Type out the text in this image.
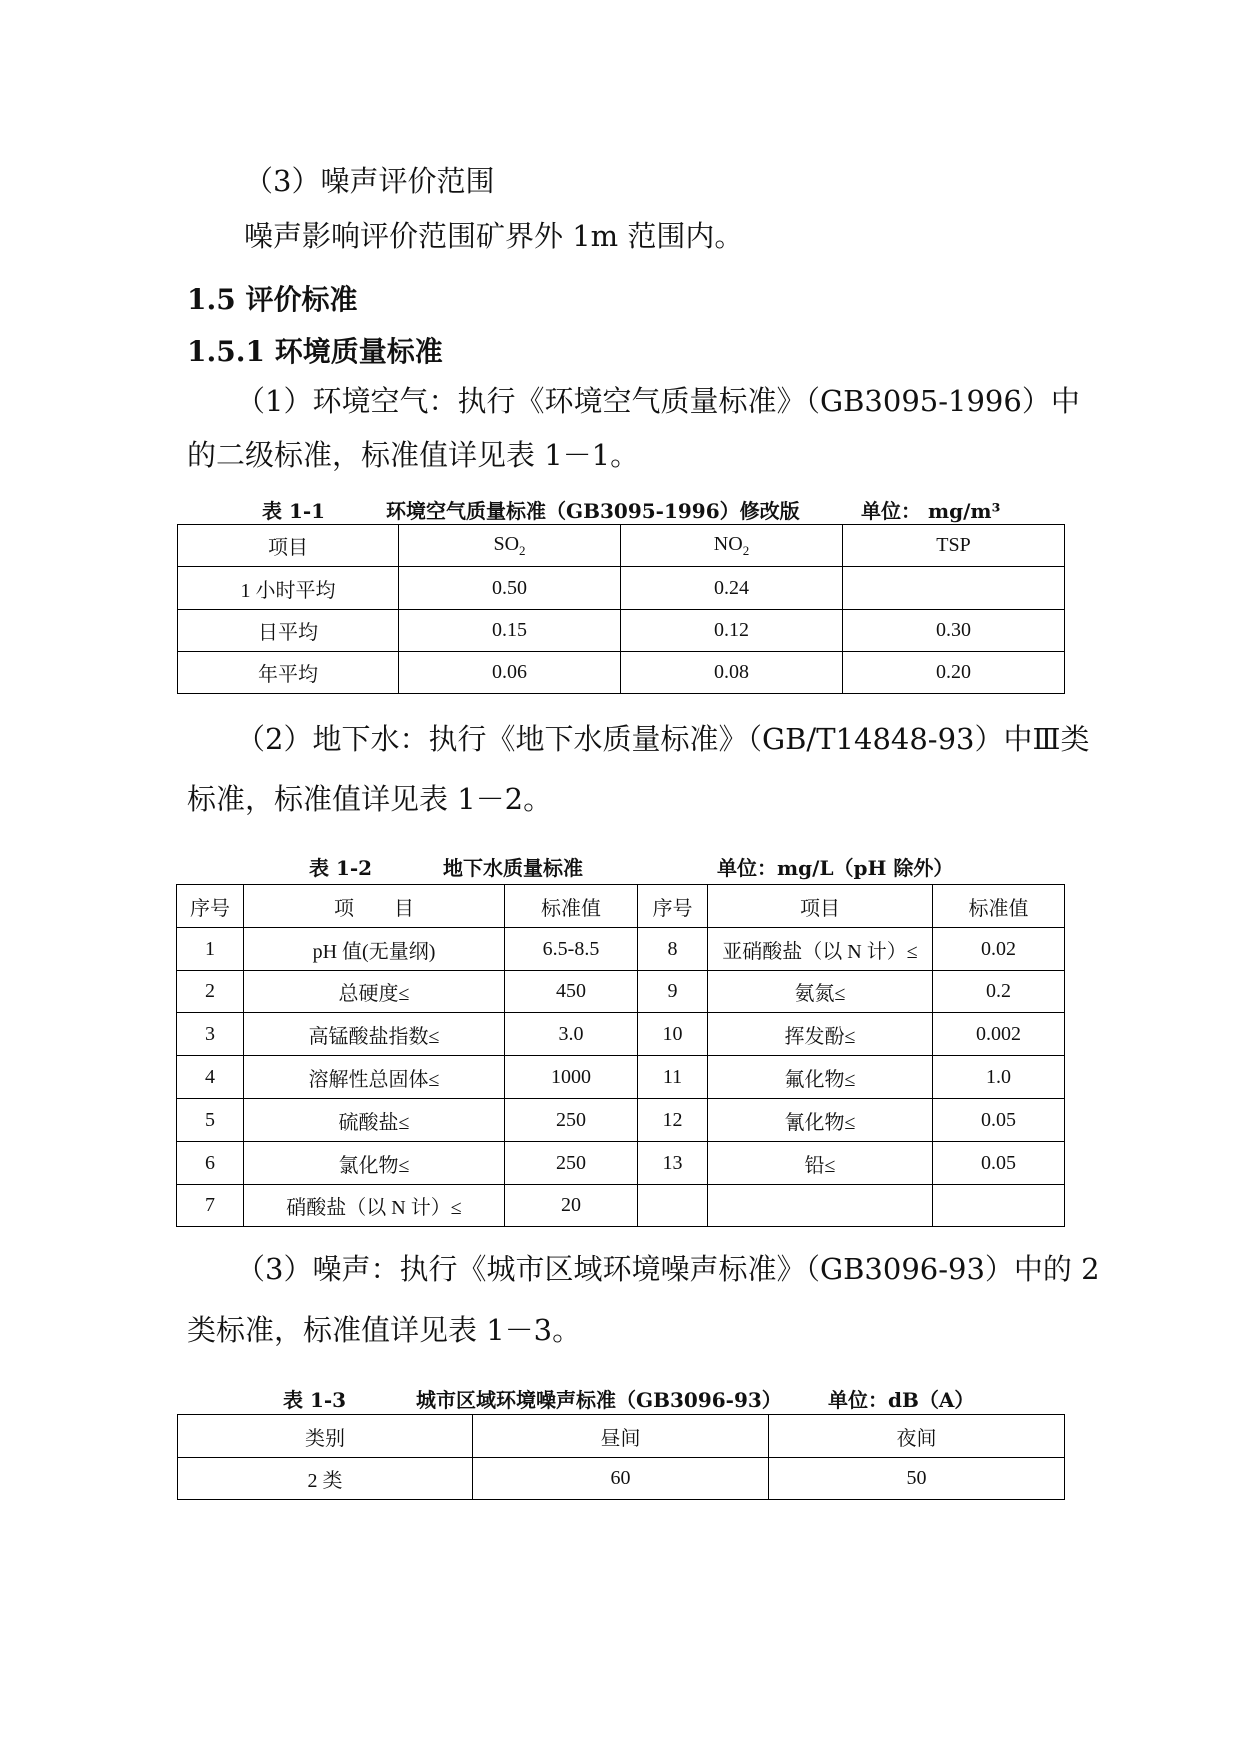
（3）噪声评价范围
噪声影响评价范围矿界外 1m 范围内。
1.5 评价标准
1.5.1 环境质量标准
（1）环境空气：执行《环境空气质量标准》（GB3095-1996）中
的二级标准，标准值详见表 1－1。
表 1-1	环境空气质量标准（GB3095-1996）修改版	单位： mg/m³
项目	$SO_2$	$NO_2$	TSP
1 小时平均	0.50	0.24	
日平均	0.15	0.12	0.30
年平均	0.06	0.08	0.20
（2）地下水：执行《地下水质量标准》（GB/T14848-93）中Ⅲ类
标准，标准值详见表 1－2。
表 1-2	地下水质量标准	单位：mg/L（pH 除外）
序号	项　　目	标准值	序号	项目	标准值
1	pH 值(无量纲)	6.5-8.5	8	亚硝酸盐（以 N 计）≤	0.02
2	总硬度≤	450	9	氨氮≤	0.2
3	高锰酸盐指数≤	3.0	10	挥发酚≤	0.002
4	溶解性总固体≤	1000	11	氟化物≤	1.0
5	硫酸盐≤	250	12	氰化物≤	0.05
6	氯化物≤	250	13	铅≤	0.05
7	硝酸盐（以 N 计）≤	20			
（3）噪声：执行《城市区域环境噪声标准》（GB3096-93）中的 2
类标准，标准值详见表 1－3。
表 1-3	城市区域环境噪声标准（GB3096-93） 单位：dB（A）
类别	昼间	夜间
2 类	60	50
